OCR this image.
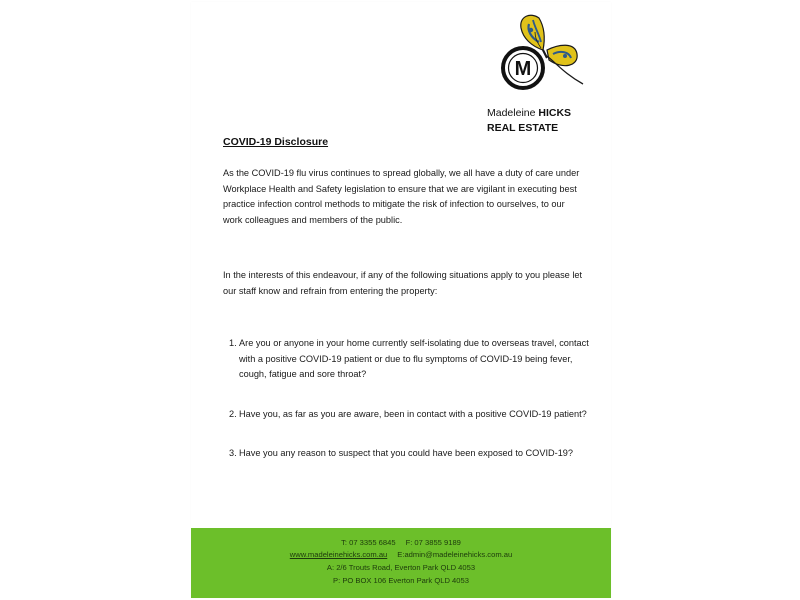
M
Madeleine HICKS
REAL ESTATE
COVID-19 Disclosure
As the COVID-19 flu virus continues to spread globally, we all have a duty of care under Workplace Health and Safety legislation to ensure that we are vigilant in executing best practice infection control methods to mitigate the risk of infection to ourselves, to our work colleagues and members of the public.
In the interests of this endeavour, if any of the following situations apply to you please let our staff know and refrain from entering the property:
1. Are you or anyone in your home currently self-isolating due to overseas travel, contact with a positive COVID-19 patient or due to flu symptoms of COVID-19 being fever, cough, fatigue and sore throat?
2. Have you, as far as you are aware, been in contact with a positive COVID-19 patient?
3. Have you any reason to suspect that you could have been exposed to COVID-19?
T: 07 3355 6845 F: 07 3855 9189
www.madeleinehicks.com.au E:admin@madeleinehicks.com.au
A: 2/6 Trouts Road, Everton Park QLD 4053
P: PO BOX 106 Everton Park QLD 4053
